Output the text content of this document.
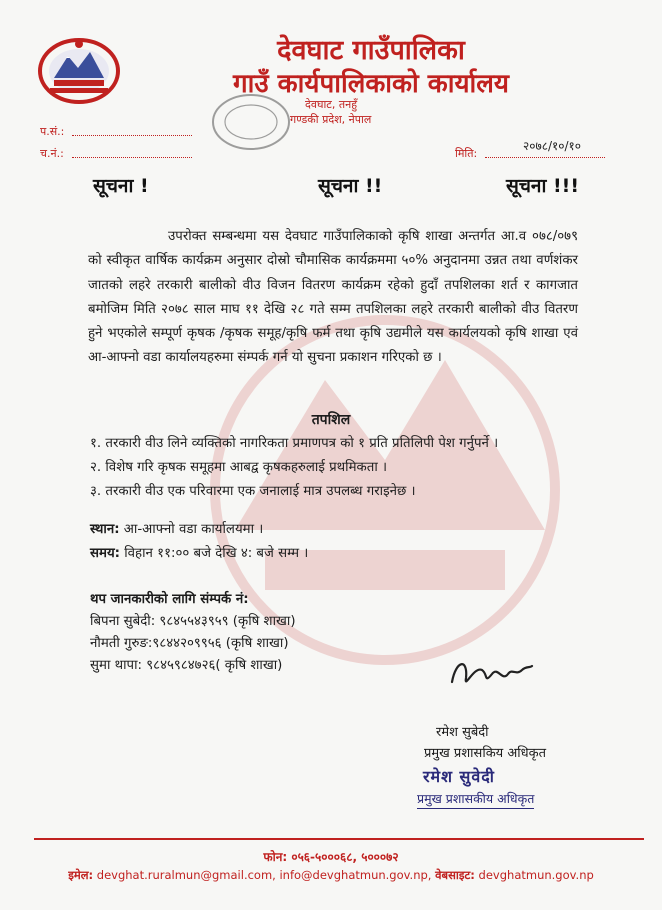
देवघाट गाउँपालिका
गाउँ कार्यपालिकाको कार्यालय
देवघाट, तनहुँ
गण्डकी प्रदेश, नेपाल
प.सं.:
च.नं.:	मिति:
२०७८/१०/१०
सूचना !	सूचना !!	सूचना !!!

उपरोक्त सम्बन्धमा यस देवघाट गाउँपालिकाको कृषि शाखा अन्तर्गत आ.व ०७८/०७९ को स्वीकृत वार्षिक कार्यक्रम अनुसार दोस्रो चौमासिक कार्यक्रममा ५०% अनुदानमा उन्नत तथा वर्णशंकर जातको लहरे तरकारी बालीको वीउ विजन वितरण कार्यक्रम रहेको हुदाँ तपशिलका शर्त र कागजात बमोजिम मिति २०७८ साल माघ ११ देखि २८ गते सम्म तपशिलका लहरे तरकारी बालीको वीउ वितरण हुने भएकोले सम्पूर्ण कृषक /कृषक समूह/कृषि फर्म तथा कृषि उद्यमीले यस कार्यलयको कृषि शाखा एवं आ-आफ्नो वडा कार्यालयहरुमा संम्पर्क गर्न यो सुचना प्रकाशन गरिएको छ ।

तपशिल
१. तरकारी वीउ लिने व्यक्तिको नागरिकता प्रमाणपत्र को १ प्रति प्रतिलिपी पेश गर्नुपर्ने ।
२. विशेष गरि कृषक समूहमा आबद्व कृषकहरुलाई प्रथमिकता ।
३. तरकारी वीउ एक परिवारमा एक जनालाई मात्र उपलब्ध गराइनेछ ।
स्थान: आ-आफ्नो वडा कार्यालयमा ।
समय: विहान ११:०० बजे देखि ४: बजे सम्म ।
थप जानकारीको लागि संम्पर्क नं:
बिपना सुबेदी: ९८४५५४३९५९ (कृषि शाखा)
नौमती गुरुङ:९८४४२०९९५६ (कृषि शाखा)
सुमा थापा: ९८४५९८४७२६( कृषि शाखा)
रमेश सुबेदी
प्रमुख प्रशासकिय अधिकृत
रमेश सुवेदी
प्रमुख प्रशासकीय अधिकृत
फोन: ०५६-५०००६८, ५०००७२
इमेल: devghat.ruralmun@gmail.com, info@devghatmun.gov.np, वेबसाइट: devghatmun.gov.np
